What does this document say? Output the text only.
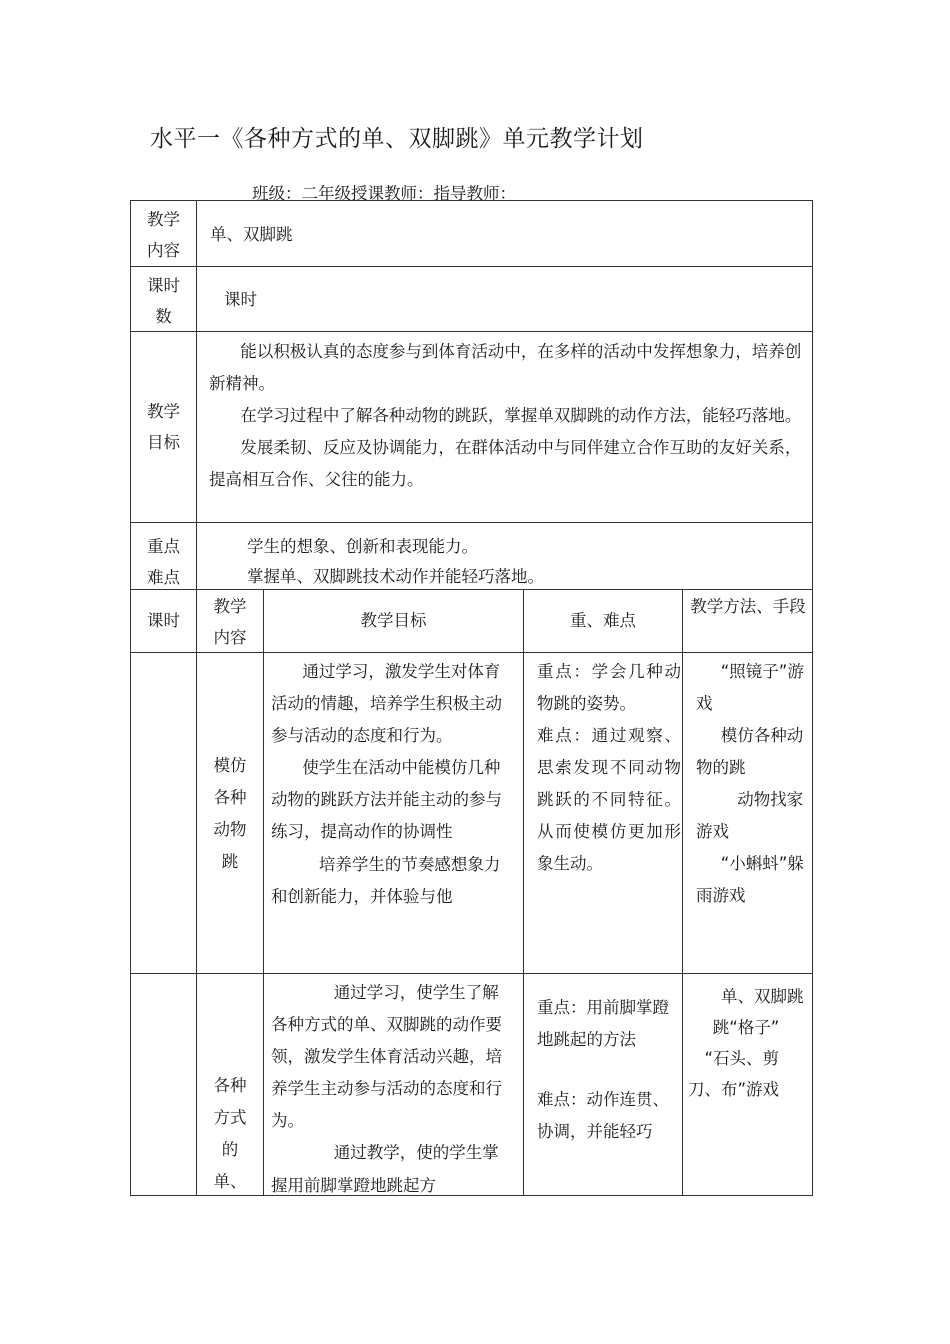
水平一《各种方式的单、双脚跳》单元教学计划
班级：二年级授课教师：指导教师：
教学
内容
单、双脚跳
课时
数
课时
教学
目标

能以积极认真的态度参与到体育活动中，在多样的活动中发挥想象力，培养创新精神。

在学习过程中了解各种动物的跳跃，掌握单双脚跳的动作方法，能轻巧落地。

发展柔韧、反应及协调能力，在群体活动中与同伴建立合作互助的友好关系，提高相互合作、父往的能力。

重点
难点

学生的想象、创新和表现能力。

掌握单、双脚跳技术动作并能轻巧落地。

课时
教学
内容
教学目标	重、难点
教学方法、手段
模仿
各种
动物
跳

通过学习，激发学生对体育活动的情趣，培养学生积极主动参与活动的态度和行为。

使学生在活动中能模仿几种动物的跳跃方法并能主动的参与练习，提高动作的协调性

培养学生的节奏感想象力和创新能力，并体验与他

重点：学会几种动物跳的姿势。

难点：通过观察、思索发现不同动物跳跃的不同特征。从而使模仿更加形象生动。

“照镜子”游戏

模仿各种动物的跳

动物找家游戏

“小蝌蚪”躲雨游戏

各种
方式
的
单、

通过学习，使学生了解各种方式的单、双脚跳的动作要领，激发学生体育活动兴趣，培养学生主动参与活动的态度和行为。

通过教学，使的学生掌握用前脚掌蹬地跳起方

重点：用前脚掌蹬地跳起的方法

难点：动作连贯、

协调，并能轻巧

单、双脚跳

跳“格子”

“石头、剪刀、布”游戏
